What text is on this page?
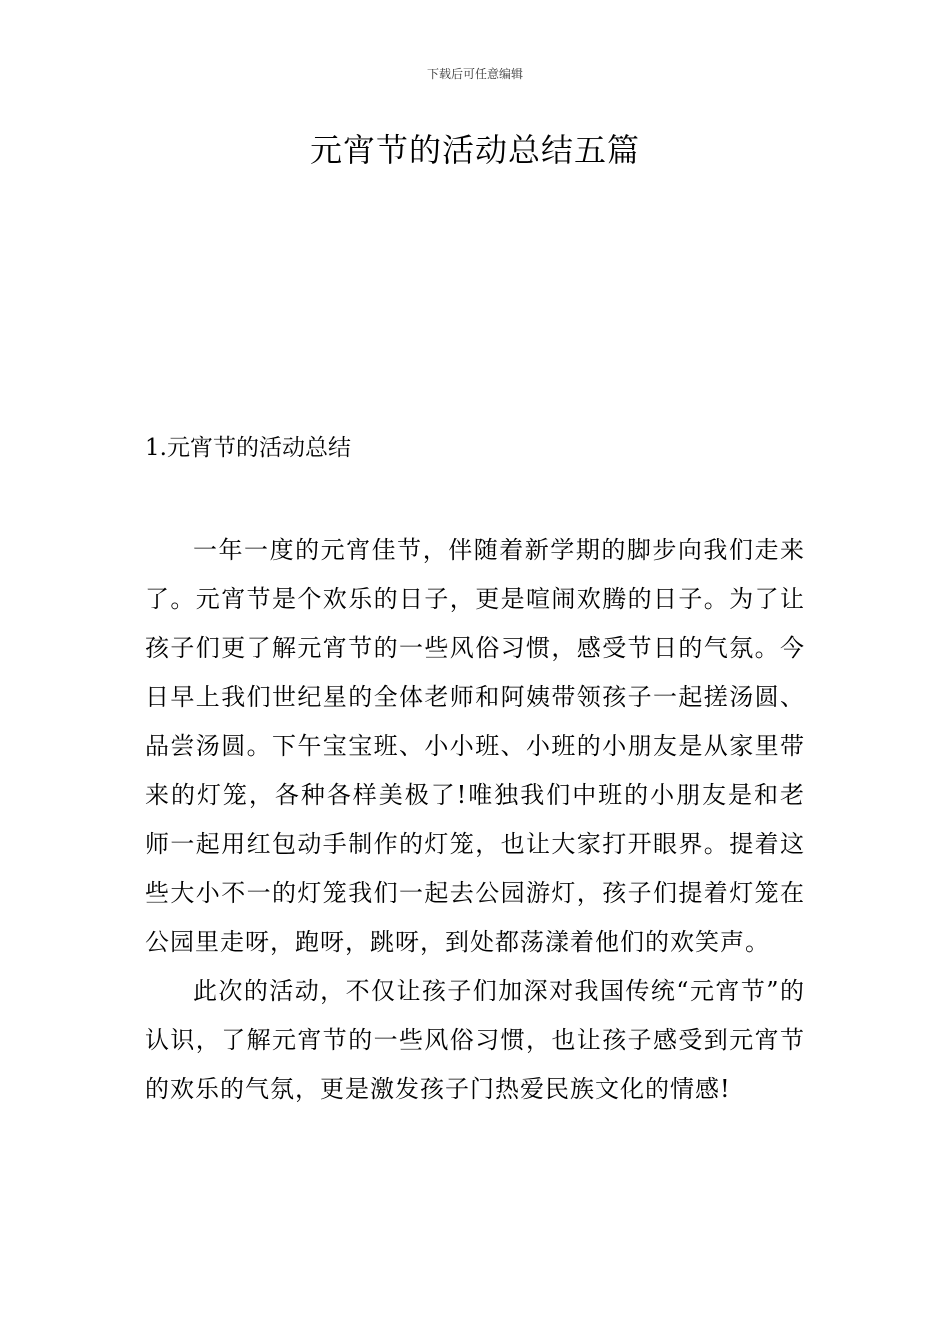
下载后可任意编辑
元宵节的活动总结五篇
1.元宵节的活动总结

一年一度的元宵佳节，伴随着新学期的脚步向我们走来了。元宵节是个欢乐的日子，更是喧闹欢腾的日子。为了让孩子们更了解元宵节的一些风俗习惯，感受节日的气氛。今日早上我们世纪星的全体老师和阿姨带领孩子一起搓汤圆、品尝汤圆。下午宝宝班、小小班、小班的小朋友是从家里带来的灯笼，各种各样美极了!唯独我们中班的小朋友是和老师一起用红包动手制作的灯笼，也让大家打开眼界。提着这些大小不一的灯笼我们一起去公园游灯，孩子们提着灯笼在公园里走呀，跑呀，跳呀，到处都荡漾着他们的欢笑声。

此次的活动，不仅让孩子们加深对我国传统“元宵节”的认识，了解元宵节的一些风俗习惯，也让孩子感受到元宵节的欢乐的气氛，更是激发孩子门热爱民族文化的情感!
